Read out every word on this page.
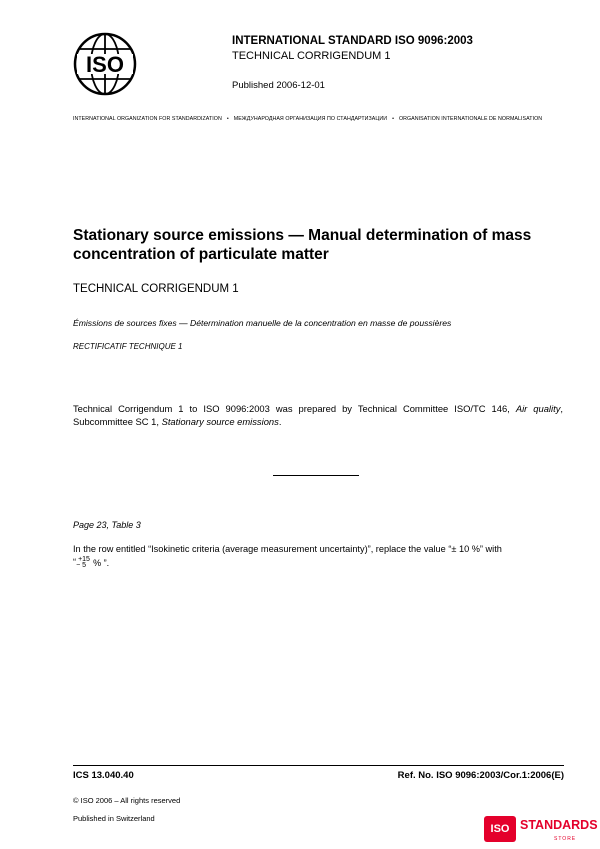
ISO
INTERNATIONAL STANDARD ISO 9096:2003
TECHNICAL CORRIGENDUM 1
Published 2006-12-01
INTERNATIONAL ORGANIZATION FOR STANDARDIZATION • МЕЖДУНАРОДНАЯ ОРГАНИЗАЦИЯ ПО СТАНДАРТИЗАЦИИ • ORGANISATION INTERNATIONALE DE NORMALISATION
Stationary source emissions — Manual determination of mass concentration of particulate matter
TECHNICAL CORRIGENDUM 1
Émissions de sources fixes — Détermination manuelle de la concentration en masse de poussières
RECTIFICATIF TECHNIQUE 1
Technical Corrigendum 1 to ISO 9096:2003 was prepared by Technical Committee ISO/TC 146, Air quality, Subcommittee SC 1, Stationary source emissions.
Page 23, Table 3
In the row entitled “Isokinetic criteria (average measurement uncertainty)”, replace the value “± 10 %” with
“ +15
− 5 % ”.
ICS 13.040.40	Ref. No. ISO 9096:2003/Cor.1:2006(E)
© ISO 2006 – All rights reserved
Published in Switzerland
ISO STANDARDS
STORE
